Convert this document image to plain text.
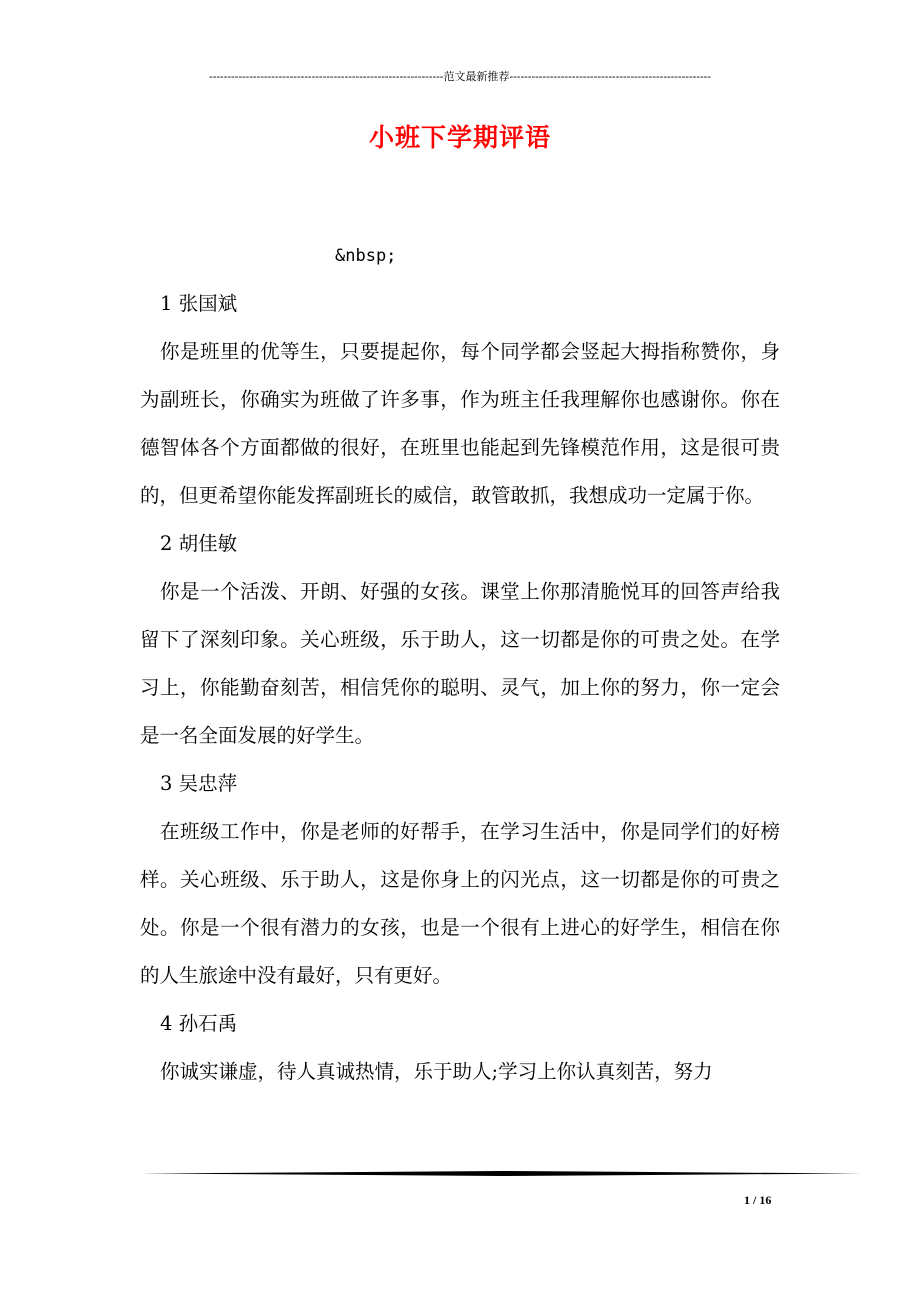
----------------------------------------------------------------范文最新推荐-------------------------------------------------------
小班下学期评语

&nbsp;

1 张国斌

你是班里的优等生，只要提起你，每个同学都会竖起大拇指称赞你，身为副班长，你确实为班做了许多事，作为班主任我理解你也感谢你。你在德智体各个方面都做的很好，在班里也能起到先锋模范作用，这是很可贵的，但更希望你能发挥副班长的威信，敢管敢抓，我想成功一定属于你。

2 胡佳敏

你是一个活泼、开朗、好强的女孩。课堂上你那清脆悦耳的回答声给我留下了深刻印象。关心班级，乐于助人，这一切都是你的可贵之处。在学习上，你能勤奋刻苦，相信凭你的聪明、灵气，加上你的努力，你一定会是一名全面发展的好学生。

3 吴忠萍

在班级工作中，你是老师的好帮手，在学习生活中，你是同学们的好榜样。关心班级、乐于助人，这是你身上的闪光点，这一切都是你的可贵之处。你是一个很有潜力的女孩，也是一个很有上进心的好学生，相信在你的人生旅途中没有最好，只有更好。

4 孙石禹

你诚实谦虚，待人真诚热情，乐于助人;学习上你认真刻苦，努力

1 / 16
